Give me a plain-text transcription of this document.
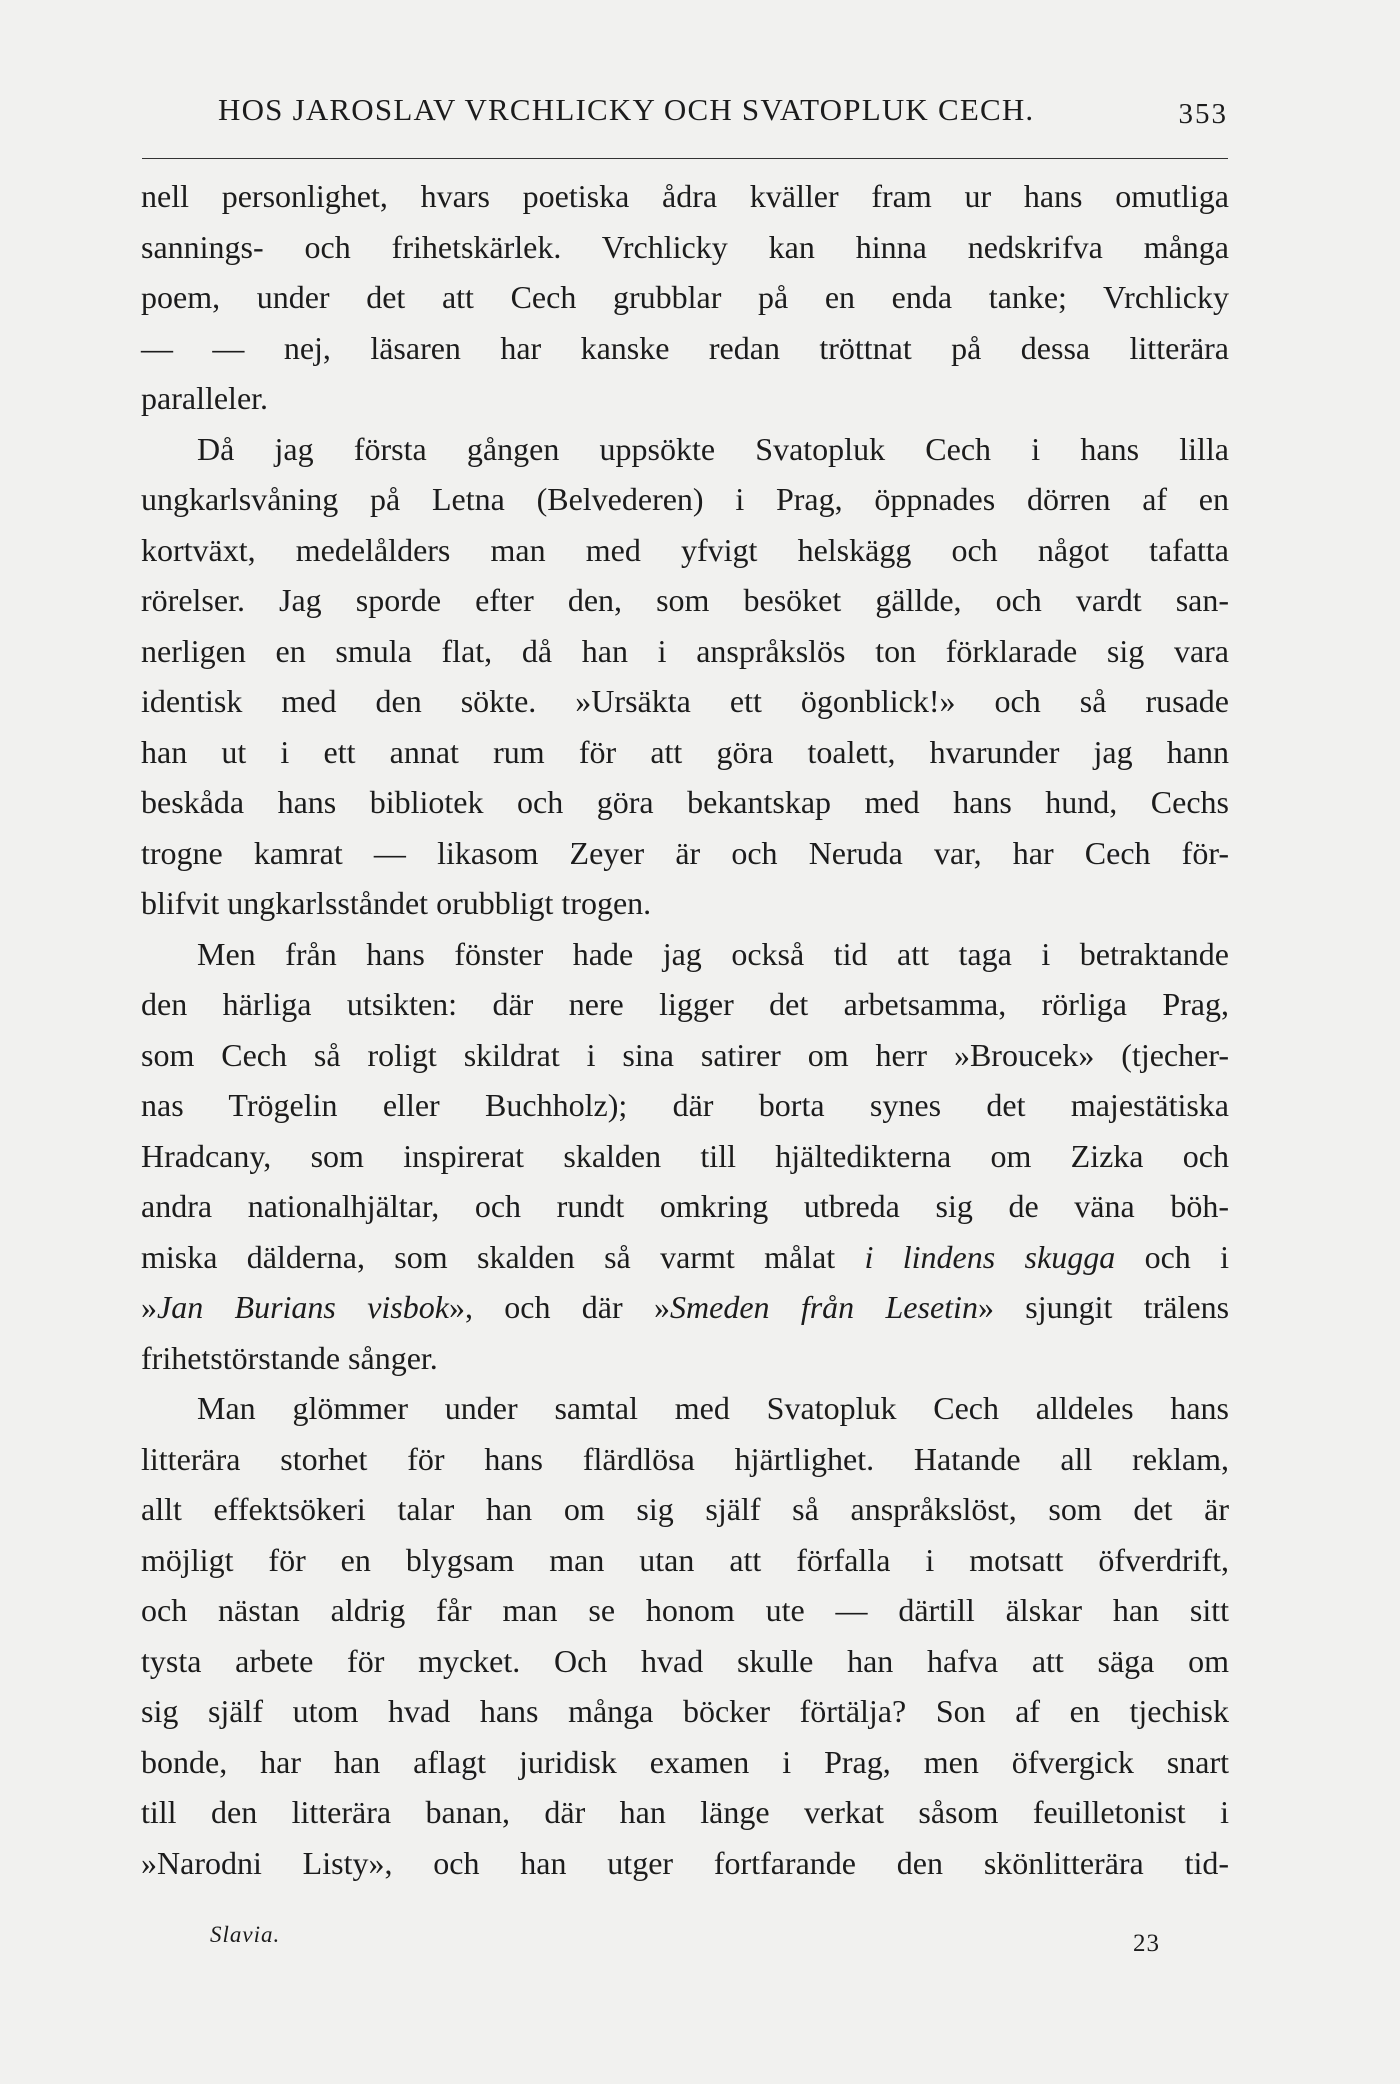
HOS JAROSLAV VRCHLICKY OCH SVATOPLUK CECH.	353
nell personlighet, hvars poetiska ådra kväller fram ur hans omutliga
sannings- och frihetskärlek. Vrchlicky kan hinna nedskrifva många
poem, under det att Cech grubblar på en enda tanke; Vrchlicky
— — nej, läsaren har kanske redan tröttnat på dessa litterära
paralleler.
Då jag första gången uppsökte Svatopluk Cech i hans lilla
ungkarlsvåning på Letna (Belvederen) i Prag, öppnades dörren af en
kortväxt, medelålders man med yfvigt helskägg och något tafatta
rörelser. Jag sporde efter den, som besöket gällde, och vardt san-
nerligen en smula flat, då han i anspråkslös ton förklarade sig vara
identisk med den sökte. »Ursäkta ett ögonblick!» och så rusade
han ut i ett annat rum för att göra toalett, hvarunder jag hann
beskåda hans bibliotek och göra bekantskap med hans hund, Cechs
trogne kamrat — likasom Zeyer är och Neruda var, har Cech för-
blifvit ungkarlsståndet orubbligt trogen.
Men från hans fönster hade jag också tid att taga i betraktande
den härliga utsikten: där nere ligger det arbetsamma, rörliga Prag,
som Cech så roligt skildrat i sina satirer om herr »Broucek» (tjecher-
nas Trögelin eller Buchholz); där borta synes det majestätiska
Hradcany, som inspirerat skalden till hjältedikterna om Zizka och
andra nationalhjältar, och rundt omkring utbreda sig de väna böh-
miska dälderna, som skalden så varmt målat i lindens skugga och i
»Jan Burians visbok», och där »Smeden från Lesetin» sjungit trälens
frihetstörstande sånger.
Man glömmer under samtal med Svatopluk Cech alldeles hans
litterära storhet för hans flärdlösa hjärtlighet. Hatande all reklam,
allt effektsökeri talar han om sig själf så anspråkslöst, som det är
möjligt för en blygsam man utan att förfalla i motsatt öfverdrift,
och nästan aldrig får man se honom ute — därtill älskar han sitt
tysta arbete för mycket. Och hvad skulle han hafva att säga om
sig själf utom hvad hans många böcker förtälja? Son af en tjechisk
bonde, har han aflagt juridisk examen i Prag, men öfvergick snart
till den litterära banan, där han länge verkat såsom feuilletonist i
»Narodni Listy», och han utger fortfarande den skönlitterära tid-
Slavia.	23
